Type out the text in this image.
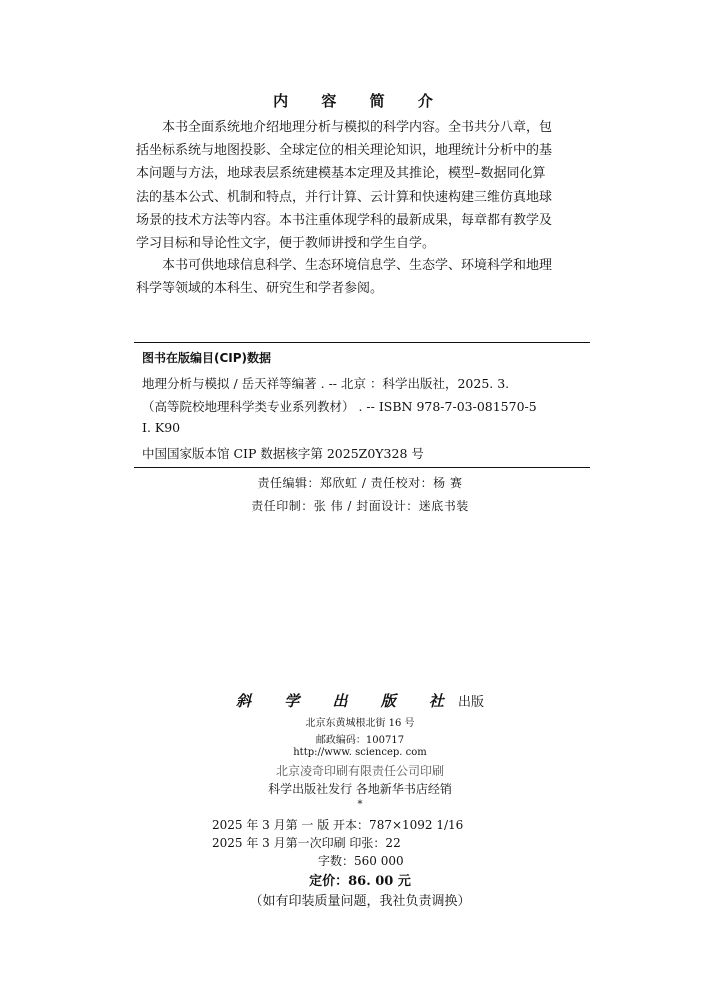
内 容 简 介
本书全面系统地介绍地理分析与模拟的科学内容。全书共分八章，包
括坐标系统与地图投影、全球定位的相关理论知识，地理统计分析中的基
本问题与方法，地球表层系统建模基本定理及其推论，模型–数据同化算
法的基本公式、机制和特点，并行计算、云计算和快速构建三维仿真地球
场景的技术方法等内容。本书注重体现学科的最新成果，每章都有教学及
学习目标和导论性文字，便于教师讲授和学生自学。
本书可供地球信息科学、生态环境信息学、生态学、环境科学和地理
科学等领域的本科生、研究生和学者参阅。
图书在版编目(CIP)数据
地理分析与模拟 / 岳天祥等编著 . -- 北京 ：科学出版社，2025. 3.
（高等院校地理科学类专业系列教材） . -- ISBN 978-7-03-081570-5
Ⅰ. K90
中国国家版本馆 CIP 数据核字第 2025Z0Y328 号
责任编辑：郑欣虹 / 责任校对：杨 赛
责任印制：张 伟 / 封面设计：迷底书装
斜 学 出 版 社出版
北京东黄城根北街 16 号
邮政编码：100717
http://www. sciencep. com
北京凌奇印刷有限责任公司印刷
科学出版社发行 各地新华书店经销
*
2025 年 3 月第 一 版 开本：787×1092 1/16
2025 年 3 月第一次印刷 印张：22
字数：560 000
定价：86. 00 元
（如有印装质量问题，我社负责调换）
